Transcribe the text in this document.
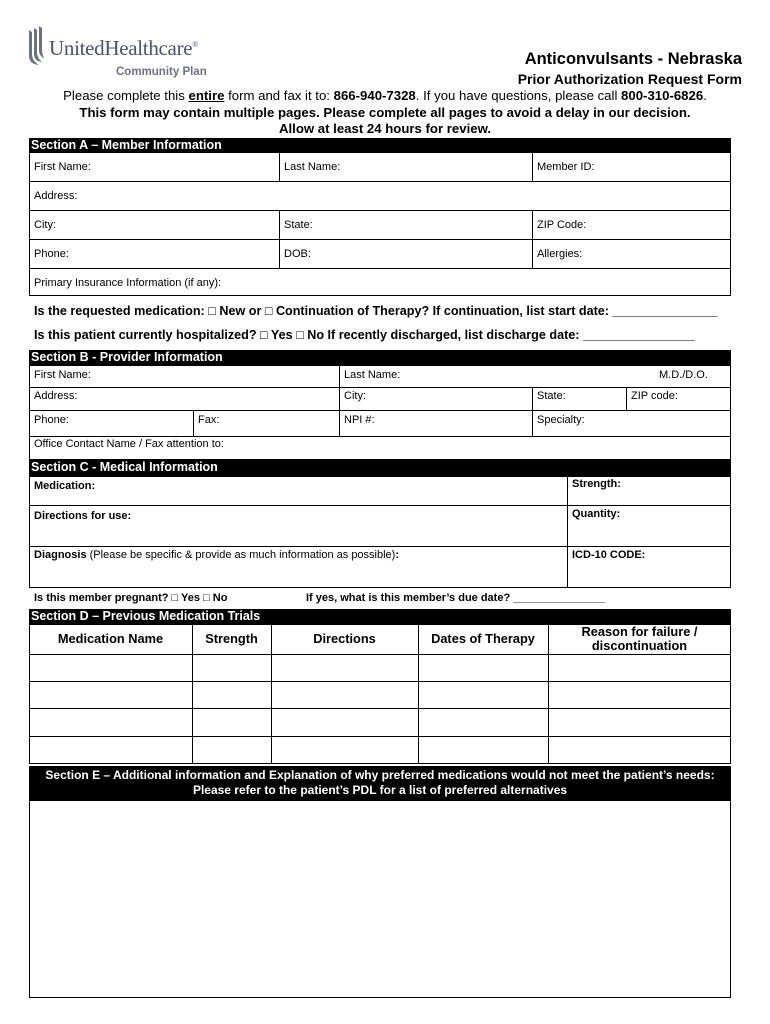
UnitedHealthcare®
Community Plan
Anticonvulsants - Nebraska
Prior Authorization Request Form
Please complete this entire form and fax it to: 866-940-7328. If you have questions, please call 800-310-6826.
This form may contain multiple pages. Please complete all pages to avoid a delay in our decision.
Allow at least 24 hours for review.
Section A – Member Information
First Name:	Last Name:	Member ID:
Address:
City:	State:	ZIP Code:
Phone:	DOB:	Allergies:
Primary Insurance Information (if any):
Is the requested medication: □ New or □ Continuation of Therapy? If continuation, list start date: _______________
Is this patient currently hospitalized? □ Yes □ No If recently discharged, list discharge date: ________________
Section B - Provider Information
First Name:	Last Name:	M.D./D.O.
Address:	City:	State:	ZIP code:
Phone:	Fax:	NPI #:	Specialty:
Office Contact Name / Fax attention to:
Section C - Medical Information
Medication:	Strength:
Directions for use:	Quantity:
Diagnosis (Please be specific & provide as much information as possible):	ICD-10 CODE:
Is this member pregnant? □ Yes □ No	If yes, what is this member’s due date? _______________
Section D – Previous Medication Trials
Medication Name	Strength	Directions	Dates of Therapy	Reason for failure /
discontinuation
Section E – Additional information and Explanation of why preferred medications would not meet the patient’s needs:
Please refer to the patient’s PDL for a list of preferred alternatives
